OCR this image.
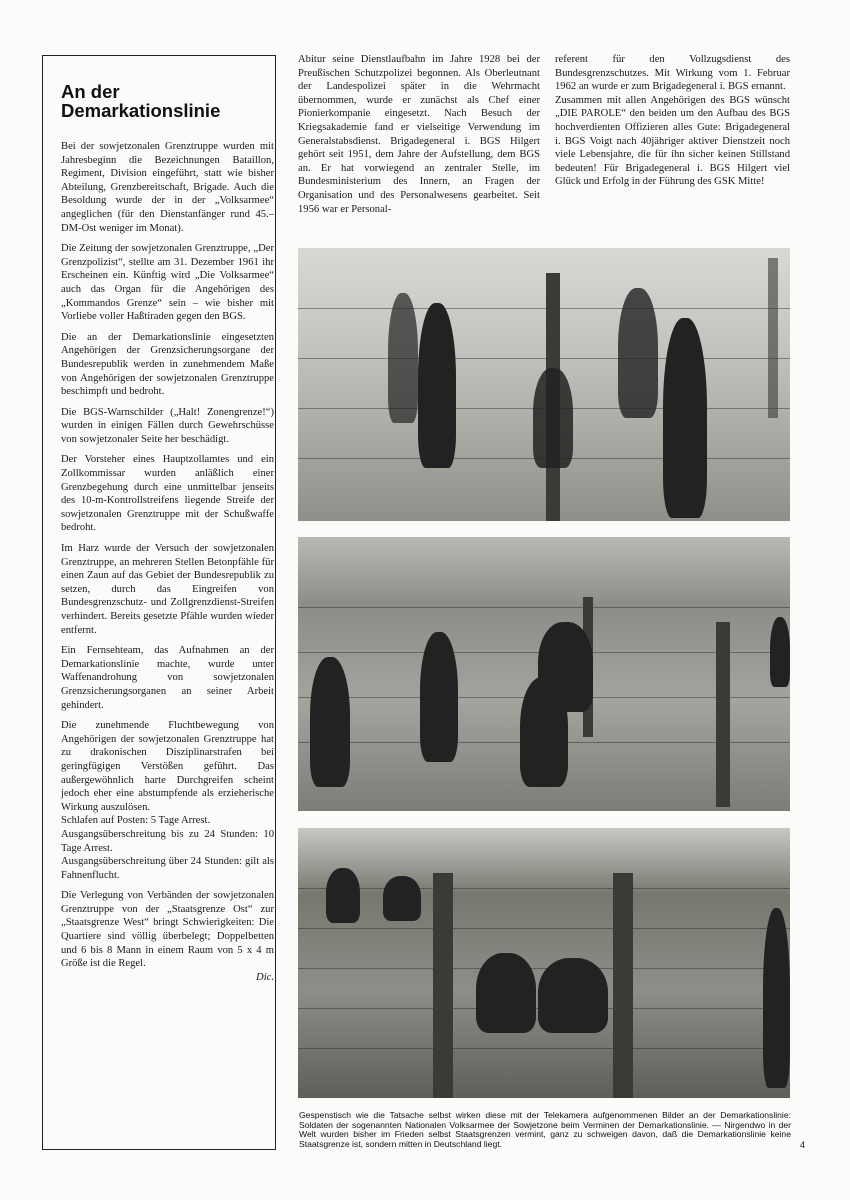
An der
Demarkationslinie

Bei der sowjetzonalen Grenztruppe wurden mit Jahresbeginn die Bezeichnungen Bataillon, Regiment, Division eingeführt, statt wie bisher Abteilung, Grenzbereitschaft, Brigade. Auch die Besoldung wurde der in der „Volksarmee“ angeglichen (für den Dienstanfänger rund 45.– DM-Ost weniger im Monat).

Die Zeitung der sowjetzonalen Grenztruppe, „Der Grenzpolizist“, stellte am 31. Dezember 1961 ihr Erscheinen ein. Künftig wird „Die Volksarmee“ auch das Organ für die Angehörigen des „Kommandos Grenze“ sein – wie bisher mit Vorliebe voller Haßtiraden gegen den BGS.

Die an der Demarkationslinie eingesetzten Angehörigen der Grenzsicherungsorgane der Bundesrepublik werden in zunehmendem Maße von Angehörigen der sowjetzonalen Grenztruppe beschimpft und bedroht.

Die BGS-Warnschilder („Halt! Zonengrenze!“) wurden in einigen Fällen durch Gewehrschüsse von sowjetzonaler Seite her beschädigt.

Der Vorsteher eines Hauptzollamtes und ein Zollkommissar wurden anläßlich einer Grenzbegehung durch eine unmittelbar jenseits des 10-m-Kontrollstreifens liegende Streife der sowjetzonalen Grenztruppe mit der Schußwaffe bedroht.

Im Harz wurde der Versuch der sowjetzonalen Grenztruppe, an mehreren Stellen Betonpfähle für einen Zaun auf das Gebiet der Bundesrepublik zu setzen, durch das Eingreifen von Bundesgrenzschutz- und Zollgrenzdienst-Streifen verhindert. Bereits gesetzte Pfähle wurden wieder entfernt.

Ein Fernsehteam, das Aufnahmen an der Demarkationslinie machte, wurde unter Waffenandrohung von sowjetzonalen Grenzsicherungsorganen an seiner Arbeit gehindert.

Die zunehmende Fluchtbewegung von Angehörigen der sowjetzonalen Grenztruppe hat zu drakonischen Disziplinarstrafen bei geringfügigen Verstößen geführt. Das außergewöhnlich harte Durchgreifen scheint jedoch eher eine abstumpfende als erzieherische Wirkung auszulösen.

Schlafen auf Posten: 5 Tage Arrest.

Ausgangsüberschreitung bis zu 24 Stunden: 10 Tage Arrest.

Ausgangsüberschreitung über 24 Stunden: gilt als Fahnenflucht.

Die Verlegung von Verbänden der sowjetzonalen Grenztruppe von der „Staatsgrenze Ost“ zur „Staatsgrenze West“ bringt Schwierigkeiten: Die Quartiere sind völlig überbelegt; Doppelbetten und 6 bis 8 Mann in einem Raum von 5 x 4 m Größe ist die Regel.

Dic.

Abitur seine Dienstlaufbahn im Jahre 1928 bei der Preußischen Schutzpolizei begonnen. Als Oberleutnant der Landespolizei später in die Wehrmacht übernommen, wurde er zunächst als Chef einer Pionierkompanie eingesetzt. Nach Besuch der Kriegsakademie fand er vielseitige Verwendung im Generalstabsdienst. Brigadegeneral i. BGS Hilgert gehört seit 1951, dem Jahre der Aufstellung, dem BGS an. Er hat vorwiegend an zentraler Stelle, im Bundesministerium des Innern, an Fragen der Organisation und des Personalwesens gearbeitet. Seit 1956 war er Personal-

referent für den Vollzugsdienst des Bundesgrenzschutzes. Mit Wirkung vom 1. Februar 1962 an wurde er zum Brigadegeneral i. BGS ernannt.

Zusammen mit allen Angehörigen des BGS wünscht „DIE PAROLE“ den beiden um den Aufbau des BGS hochverdienten Offizieren alles Gute: Brigadegeneral i. BGS Voigt nach 40jähriger aktiver Dienstzeit noch viele Lebensjahre, die für ihn sicher keinen Stillstand bedeuten! Für Brigadegeneral i. BGS Hilgert viel Glück und Erfolg in der Führung des GSK Mitte!

Gespenstisch wie die Tatsache selbst wirken diese mit der Telekamera aufgenommenen Bilder an der Demarkationslinie: Soldaten der sogenannten Nationalen Volksarmee der Sowjetzone beim Verminen der Demarkationslinie. — Nirgendwo in der Welt wurden bisher im Frieden selbst Staatsgrenzen vermint, ganz zu schweigen davon, daß die Demarkationslinie keine Staatsgrenze ist, sondern mitten in Deutschland liegt.	4
